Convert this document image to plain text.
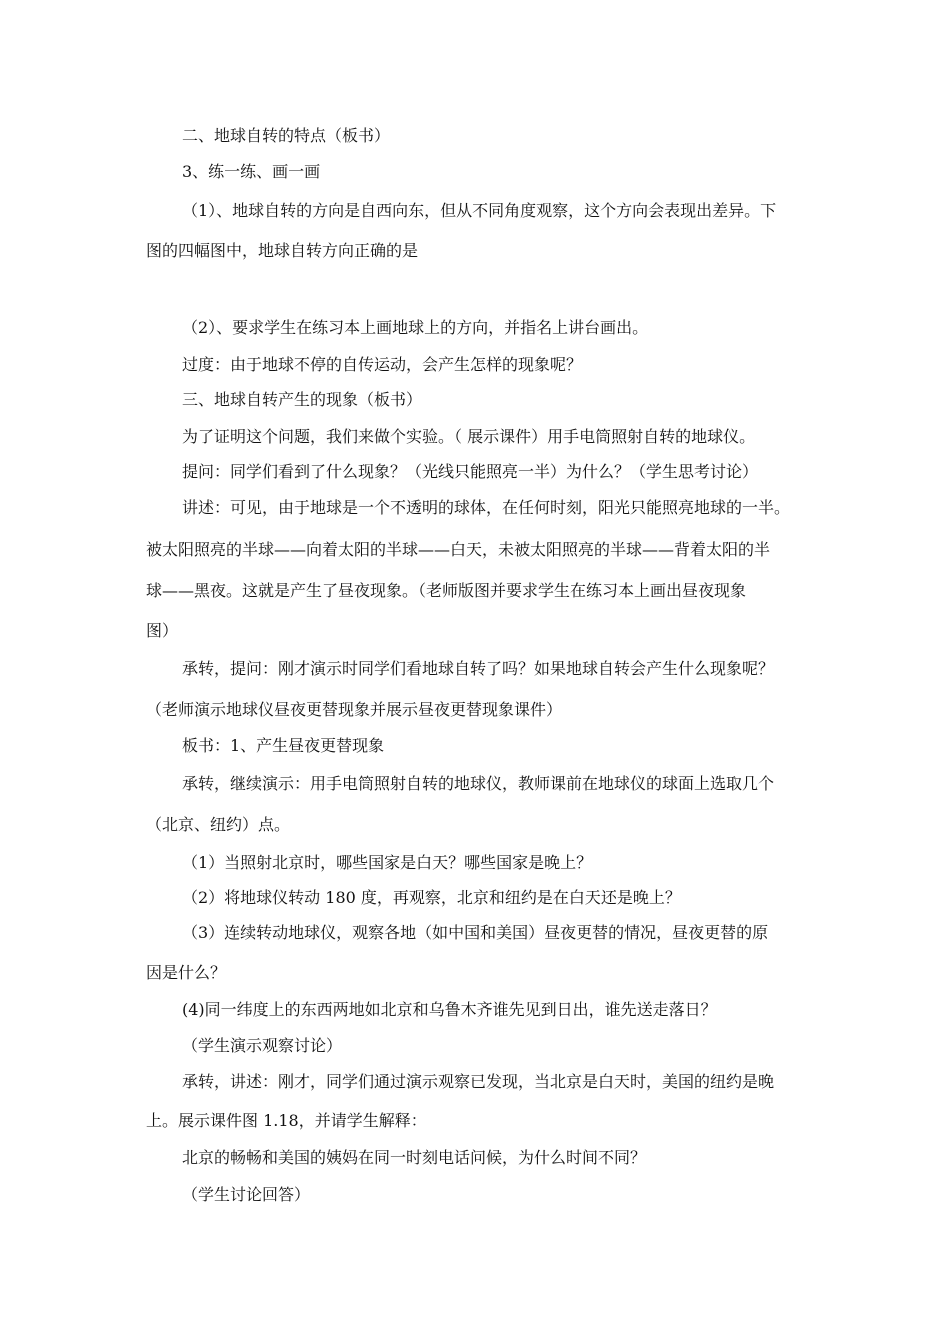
二、地球自转的特点（板书）
3、练一练、画一画
（1）、地球自转的方向是自西向东，但从不同角度观察，这个方向会表现出差异。下
图的四幅图中，地球自转方向正确的是
（2）、要求学生在练习本上画地球上的方向，并指名上讲台画出。
过度：由于地球不停的自传运动，会产生怎样的现象呢？
三、地球自转产生的现象（板书）
为了证明这个问题，我们来做个实验。（ 展示课件）用手电筒照射自转的地球仪。
提问：同学们看到了什么现象？（光线只能照亮一半）为什么？（学生思考讨论）
讲述：可见，由于地球是一个不透明的球体，在任何时刻，阳光只能照亮地球的一半。
被太阳照亮的半球——向着太阳的半球——白天，未被太阳照亮的半球——背着太阳的半
球——黑夜。这就是产生了昼夜现象。（老师版图并要求学生在练习本上画出昼夜现象
图）
承转，提问：刚才演示时同学们看地球自转了吗？如果地球自转会产生什么现象呢？
（老师演示地球仪昼夜更替现象并展示昼夜更替现象课件）
板书：1、产生昼夜更替现象
承转，继续演示：用手电筒照射自转的地球仪，教师课前在地球仪的球面上选取几个
（北京、纽约）点。
（1）当照射北京时，哪些国家是白天？哪些国家是晚上？
（2）将地球仪转动 180 度，再观察，北京和纽约是在白天还是晚上？
（3）连续转动地球仪，观察各地（如中国和美国）昼夜更替的情况，昼夜更替的原
因是什么？
(4)同一纬度上的东西两地如北京和乌鲁木齐谁先见到日出，谁先送走落日？
（学生演示观察讨论）
承转，讲述：刚才，同学们通过演示观察已发现，当北京是白天时，美国的纽约是晚
上。展示课件图 1.18，并请学生解释：
北京的畅畅和美国的姨妈在同一时刻电话问候，为什么时间不同？
（学生讨论回答）
